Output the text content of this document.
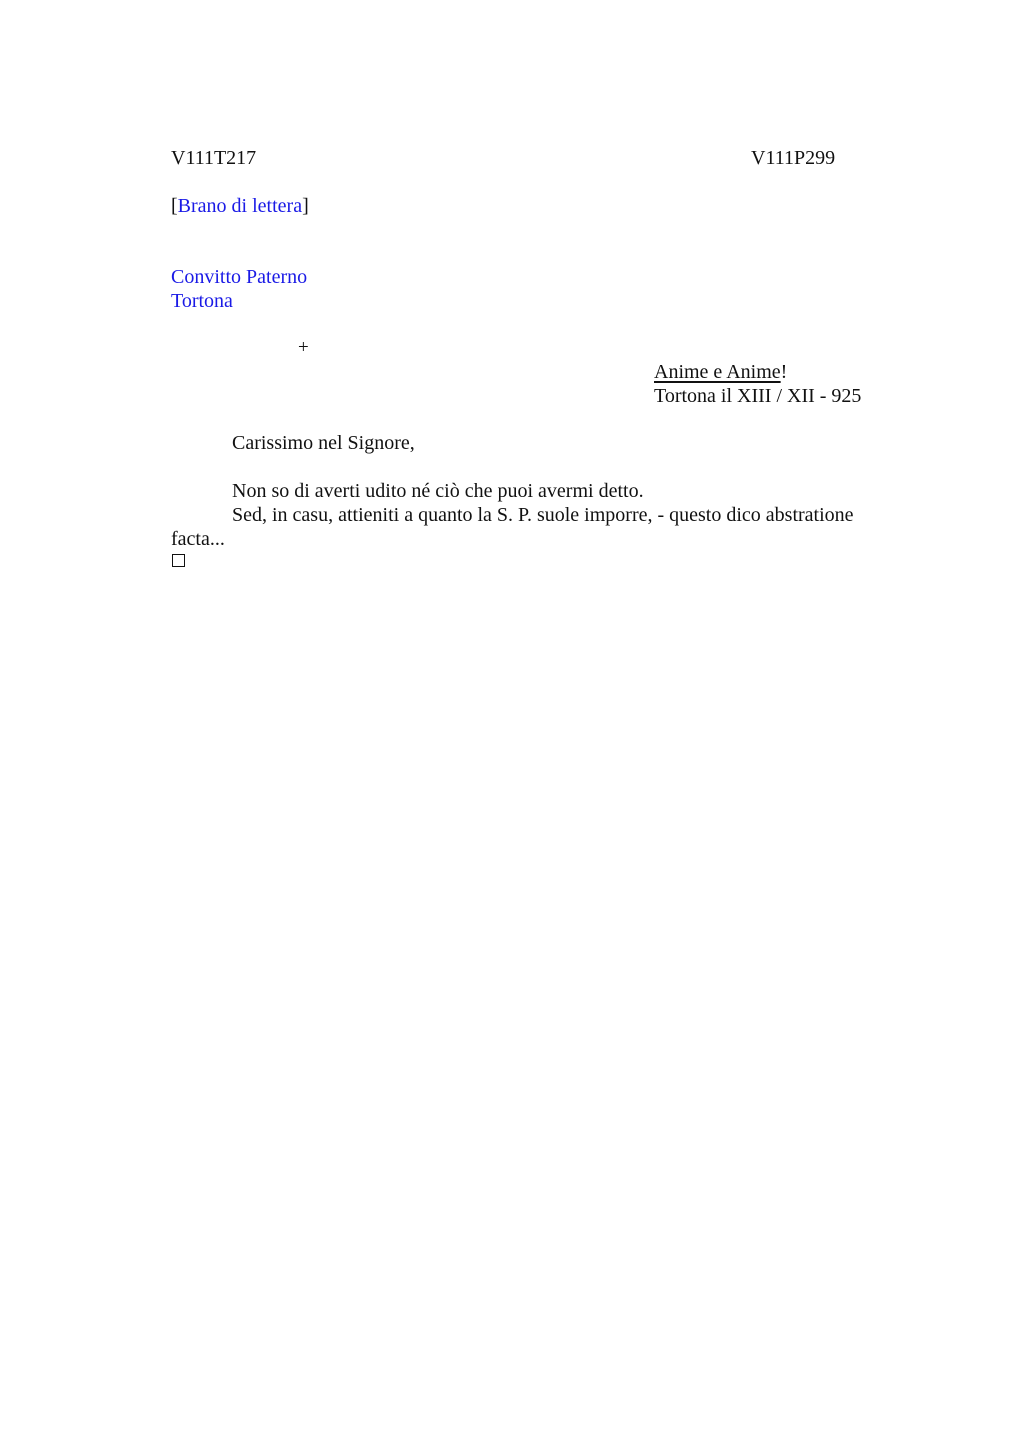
V111T217	V111P299
[Brano di lettera]
Convitto Paterno
Tortona
+
Anime e Anime!
Tortona il XIII / XII - 925
Carissimo nel Signore,
Non so di averti udito né ciò che puoi avermi detto.
Sed, in casu, attieniti a quanto la S. P. suole imporre, - questo dico abstratione facta...
